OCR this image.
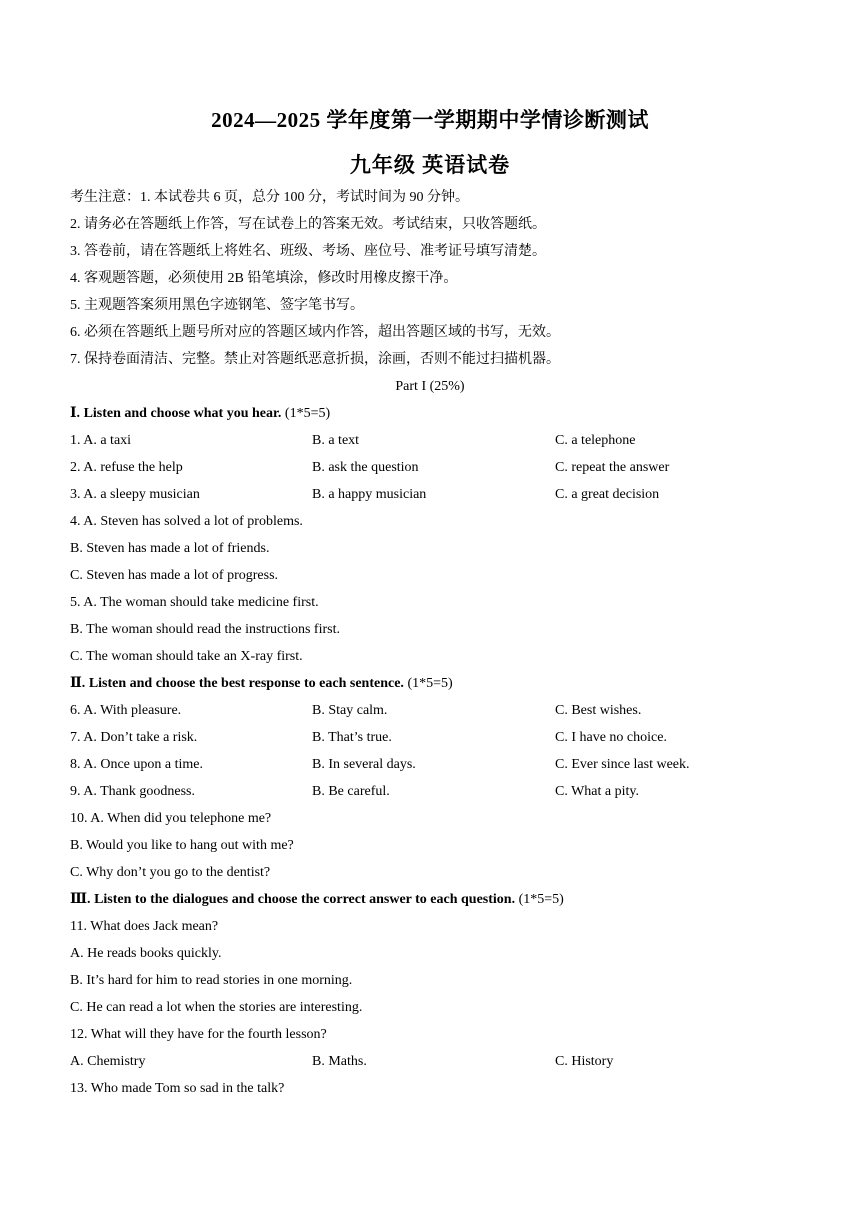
2024—2025 学年度第一学期期中学情诊断测试
九年级 英语试卷
考生注意：1. 本试卷共 6 页，总分 100 分，考试时间为 90 分钟。
2. 请务必在答题纸上作答，写在试卷上的答案无效。考试结束，只收答题纸。
3. 答卷前，请在答题纸上将姓名、班级、考场、座位号、准考证号填写清楚。
4. 客观题答题，必须使用 2B 铅笔填涂，修改时用橡皮擦干净。
5. 主观题答案须用黑色字迹钢笔、签字笔书写。
6. 必须在答题纸上题号所对应的答题区域内作答，超出答题区域的书写，无效。
7. 保持卷面清洁、完整。禁止对答题纸恶意折损，涂画，否则不能过扫描机器。
Part I (25%)
Ⅰ. Listen and choose what you hear. (1*5=5)
1. A. a taxi	B. a text	C. a telephone
2. A. refuse the help	B. ask the question	C. repeat the answer
3. A. a sleepy musician	B. a happy musician	C. a great decision
4. A. Steven has solved a lot of problems.
B. Steven has made a lot of friends.
C. Steven has made a lot of progress.
5. A. The woman should take medicine first.
B. The woman should read the instructions first.
C. The woman should take an X-ray first.
Ⅱ. Listen and choose the best response to each sentence. (1*5=5)
6. A. With pleasure.	B. Stay calm.	C. Best wishes.
7. A. Don’t take a risk.	B. That’s true.	C. I have no choice.
8. A. Once upon a time.	B. In several days.	C. Ever since last week.
9. A. Thank goodness.	B. Be careful.	C. What a pity.
10. A. When did you telephone me?
B. Would you like to hang out with me?
C. Why don’t you go to the dentist?
Ⅲ. Listen to the dialogues and choose the correct answer to each question. (1*5=5)
11. What does Jack mean?
A. He reads books quickly.
B. It’s hard for him to read stories in one morning.
C. He can read a lot when the stories are interesting.
12. What will they have for the fourth lesson?
A. Chemistry	B. Maths.	C. History
13. Who made Tom so sad in the talk?
